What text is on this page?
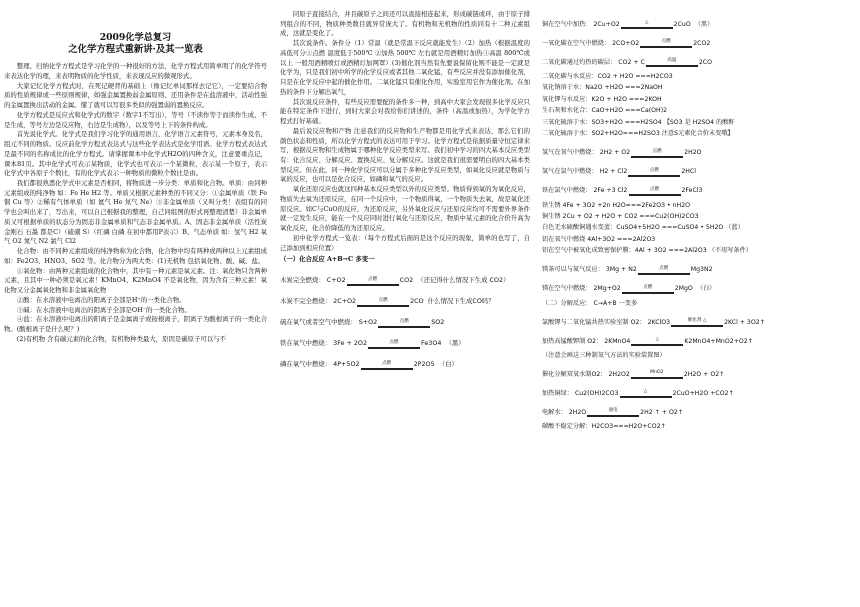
2009化学总复习
之化学方程式重新讲·及其一览表

整理、归纳化学方程式是学习化学的一种很好的方法，化学方程式用简单明了的化学符号来表达化学的理，来表明物质的化学性质，来表现反应的微观形式。

大家记忆化学方程式时，在死记硬背的基础上（像记忆单词那样去记它），一定要结合物质的性质规律或一些原则规律，如强金属置换弱金属原则、还用条件是在盐溶液中，活动性强的金属置换出活动的金属。懂了就可以写很多类似的强置弱的置换反应。

化学方程式是反应式和化学式的数字（数字1不写出），等号（不读作等于而读作生成、不是生成，等号左边是反应物，右边是生成物），以及等号上下的条件构成。

首先说化学式。化学式是我们学习化学的通用语言，化学语言元素符号，元素本身及名，组元不同的物质。反应前化学方程式表达式与这些化学表达式是化学用语。化学方程式表达式是最不同的名称成比的化学方程式。请掌握课本中化学式H2O的四种含义，注意要重点记，课本81页。其中化学式可表示某物质，化学式也可表示一个某微粒，表示某一个原子，表示化学式中各原子个数比，有的化学式表示一种物质的微粒个数比是由。

我们都很熟悉化学式中元素是否相同，将物质进一步分类：单质和化合物。单质：由同种元素组成的纯净物 如：Fe He H2 等。单质又根据元素种类的不同又分：①金属单质（铁 Fe 铜 Cu 等）②稀有气体单质（如 氦气 He 氖气 Ne）③非金属单质（又叫分类！表组有的同学也会叫出来了，写出来，可以自己根据我的整理，自己同组图的形式再整理清楚）非金属单质又可根据单质的状态分为固态非金属单质和气态非金属单质。A、固态非金属单质（活性炭 金刚石 石墨 都是C）（硫磺 S）（红磷 白磷 在初中都用P表示）B、气态单质 如：氢气 H2 氧气 O2 氮气 N2 氯气 Cl2

化合物：由不同种元素组成的纯净物称为化合物，化合物中均有两种或两种以上元素组成 如：Fe2O3、HNO3、SO2 等。化合物分为两大类：(1)无机物 包括氧化物、酸、碱、盐。

①氧化物：由两种元素组成的化合物中，其中有一种元素是氧元素。注：氧化物只含两种元素，且其中一种必须是氧元素！KMnO4、K2MnO4 不是氧化物，因为含有三种元素！氧化物又分金属氧化物和非金属氧化物

②酸：在水溶液中电离出的阳离子全部是H⁺的一类化合物。

③碱：在水溶液中电离出的阴离子全部是OH⁻的一类化合物。

④盐：在水溶液中电离出的阳离子是金属离子或铵根离子，阴离子为酸根离子的一类化合物。(酸根离子是什么呢？)

(2)有机物 含有碳元素的化合物，有机物种类最大，原因是碳原子可以与不

同原子直接结合，并且碳原子之间还可以直接相连起来，形成碳链或环，由于原子排列组合的不同，物质种类数目就异常庞大了。有机物和无机物的性质同有十二种元素组成，这就是变化了。

其次说条件。条件分（1）常温（就是常温下反应就能发生）（2）加热（根据温度的高低可分①点燃 温度低于500℃ ②加热 500℃ 左右就是用酒精灯加热③高温 800℃或以上 一般用酒精喷灯或酒精灯加网罩）(3)催化剂当然有先要说保留化则不能是一定就是化学为，只是我们初中所学的化学反应或者其他二氧化锰，有些反应并没有添加催化剂，只是在化学反应中起的催化作用。二氧化锰只有催化作用，实验室用它作为催化剂。在加热的条件下分解出氧气，

其次说反应条件，有些反应需要配的条件多一种，到高中大家会发现很多化学反应只能在特定条件下进行，到时大家会对我给你们讲述的，条件（高温或加热），为学化学方程式打好基础。

最后说反应物和产物 注意我们的反应物和生产物都是用化学式来表达，那么它们的颜色状态和性质，所以化学方程式的表达可用于学习。化学方程式是依据质量守恒定律来写，根据反应物和生成物属于哪种化学反应类型来写。我们初中学习的四大基本反应类型有：化合反应、分解反应、置换反应、复分解反应。这就是我们很需要明白的四大基本类型反应。但在此，同一种化学反应可以分属于多种化学反应类型，如氧化反应就是物质与氧的反应，也可以是化合反应，如磷和氧气的反应。

氧化还原反应也就这四种基本反应类型以外的反应类型。物质得到氧的为氧化反应，物质失去氧为还原反应，在同一个反应中，一个物质得氧，一个物质失去氧，故是氧化还原反应。如C与CuO的反应，为还原反应，另外氧化反应与还原反应均可不需要外界条件就一定发生反应，能在一个反应同时进行氧化与还原反应，物质中某元素的化合价升高为氧化反应，化合价降低的为还原反应。

初中化学方程式一览表：（每个方程式后面的是这个反应的现象，简单的也写了，自己添加到相应位置）

（一）化合反应 A+B→C 多变一
木炭完全燃烧： C+O2	点燃	CO2 （还记得什么情况下生成 CO2）
木炭不完全燃烧： 2C+O2	点燃	2CO 什么情况下生成CO吗？
硫在氧气或者空气中燃烧： S+O2	点燃	SO2
铁在氧气中燃烧： 3Fe + 2O2	点燃	Fe3O4 （黑）
磷在氧气中燃烧： 4P+5O2	点燃	2P2O5 （白）
铜在空气中加热： 2Cu+O2	△	2CuO （黑）
一氧化碳在空气中燃烧： 2CO+O2	点燃	2CO2
二氧化碳通过灼热的碳层： CO2 + C	高温	2CO
二氧化碳与水反应：CO2 + H2O ===H2CO3
氧化钠溶于水：Na2O +H2O ===2NaOH
氧化钾与水反应：K2O + H2O ===2KOH
生石灰和水化合：CaO+H2O ===Ca(OH)2
三氧化硫溶于水：SO3+H2O ===H2SO4 【SO3 是 H2SO4 的酸酐
二氧化硫溶于水：SO2+H2O===H2SO3 注意S元素化合价未变哦】
氢气在氧气中燃烧： 2H2 + O2	点燃	2H2O
氢气在氯气中燃烧： H2 + Cl2	点燃	2HCl
铁在氯气中燃烧： 2Fe +3 Cl2	点燃	2FeCl3
铁生锈 4Fe + 3O2 +2n H2O===2Fe2O3 • nH2O
铜生锈 2Cu + O2 + H2O + CO2 ===Cu2(OH)2CO3
白色无水硫酸铜遇水变蓝：CuSO4+5H2O ===CuSO4 • 5H2O （蓝）
铝在氧气中燃烧 4Al+3O2 ===2Al2O3
铝在空气中被氧化成致密保护膜：4Al + 3O2 ===2Al2O3 （不用写条件）
镁条可以与氮气反应： 3Mg + N2	点燃	Mg3N2
镁在空气中燃烧： 2Mg+O2	点燃	2MgO （白）
（二）分解反应： C→A+B 一变多
氯酸钾与二氧化锰共热实验室制 O2： 2KClO3	催化剂 △	2KCl + 3O2↑
加热高锰酸钾制 O2： 2KMnO4	△	K2MnO4+MnO2+O2↑
（注意会画这三种制氧气方法的实验装置图）
催化分解双氧水制O2： 2H2O2	MnO2	2H2O + O2↑
加热铜绿： Cu2(OH)2CO3	△	2CuO+H2O +CO2↑
电解水： 2H2O	通电	2H2 ↑ + O2↑
碳酸不稳定分解：H2CO3===H2O+CO2↑
